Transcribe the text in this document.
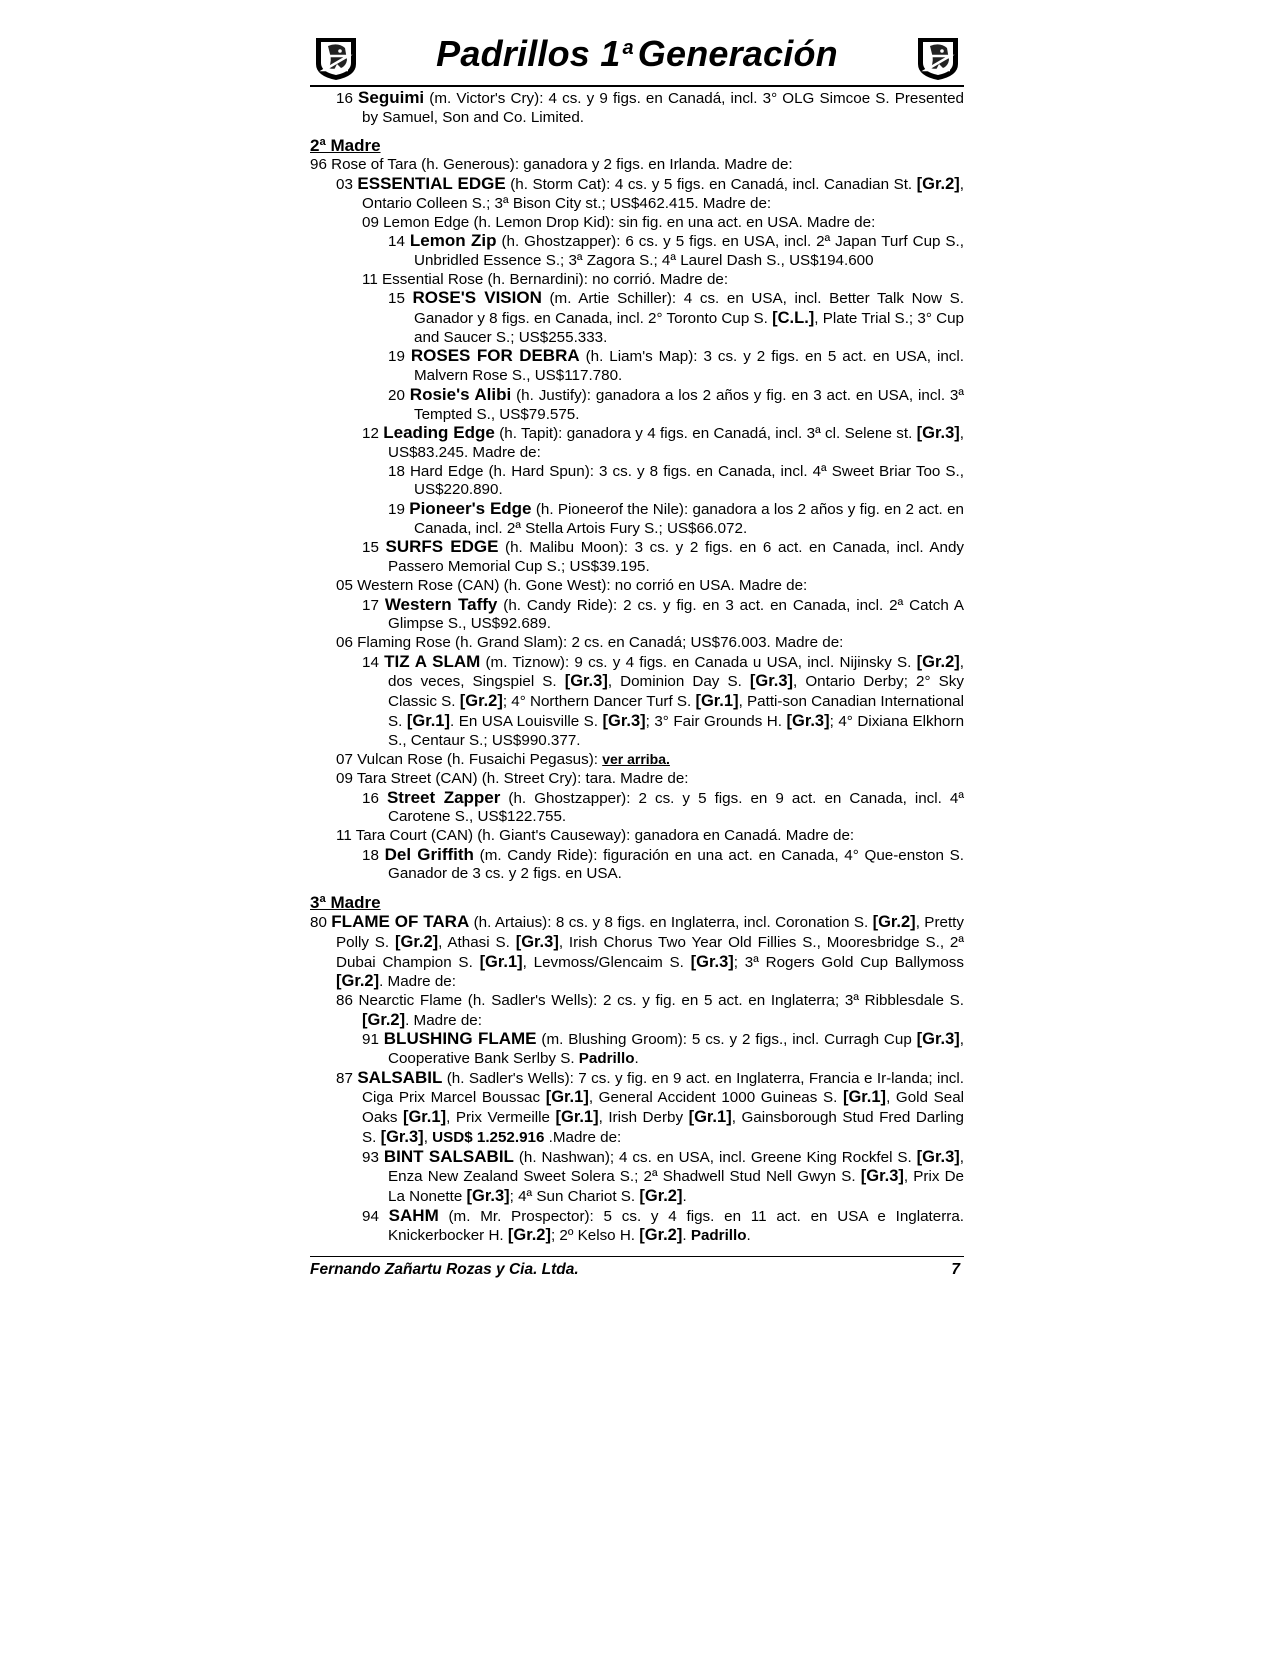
Padrillos 1 $^a$ Generación

16 Seguimi (m. Victor's Cry): 4 cs. y 9 figs. en Canadá, incl. 3° OLG Simcoe S. Presented by Samuel, Son and Co. Limited.

2ª Madre

96 Rose of Tara (h. Generous): ganadora y 2 figs. en Irlanda. Madre de:

03 ESSENTIAL EDGE (h. Storm Cat): 4 cs. y 5 figs. en Canadá, incl. Canadian St. [Gr.2], Ontario Colleen S.; 3ª Bison City st.; US$462.415. Madre de:

09 Lemon Edge (h. Lemon Drop Kid): sin fig. en una act. en USA. Madre de:

14 Lemon Zip (h. Ghostzapper): 6 cs. y 5 figs. en USA, incl. 2ª Japan Turf Cup S., Unbridled Essence S.; 3ª Zagora S.; 4ª Laurel Dash S., US$194.600

11 Essential Rose (h. Bernardini): no corrió. Madre de:

15 ROSE'S VISION (m. Artie Schiller): 4 cs. en USA, incl. Better Talk Now S. Ganador y 8 figs. en Canada, incl. 2° Toronto Cup S. [C.L.], Plate Trial S.; 3° Cup and Saucer S.; US$255.333.

19 ROSES FOR DEBRA (h. Liam's Map): 3 cs. y 2 figs. en 5 act. en USA, incl. Malvern Rose S., US$117.780.

20 Rosie's Alibi (h. Justify): ganadora a los 2 años y fig. en 3 act. en USA, incl. 3ª Tempted S., US$79.575.

12 Leading Edge (h. Tapit): ganadora y 4 figs. en Canadá, incl. 3ª cl. Selene st. [Gr.3], US$83.245. Madre de:

18 Hard Edge (h. Hard Spun): 3 cs. y 8 figs. en Canada, incl. 4ª Sweet Briar Too S., US$220.890.

19 Pioneer's Edge (h. Pioneerof the Nile): ganadora a los 2 años y fig. en 2 act. en Canada, incl. 2ª Stella Artois Fury S.; US$66.072.

15 SURFS EDGE (h. Malibu Moon): 3 cs. y 2 figs. en 6 act. en Canada, incl. Andy Passero Memorial Cup S.; US$39.195.

05 Western Rose (CAN) (h. Gone West): no corrió en USA. Madre de:

17 Western Taffy (h. Candy Ride): 2 cs. y fig. en 3 act. en Canada, incl. 2ª Catch A Glimpse S., US$92.689.

06 Flaming Rose (h. Grand Slam): 2 cs. en Canadá; US$76.003. Madre de:

14 TIZ A SLAM (m. Tiznow): 9 cs. y 4 figs. en Canada u USA, incl. Nijinsky S. [Gr.2], dos veces, Singspiel S. [Gr.3], Dominion Day S. [Gr.3], Ontario Derby; 2° Sky Classic S. [Gr.2]; 4° Northern Dancer Turf S. [Gr.1], Patti-son Canadian International S. [Gr.1]. En USA Louisville S. [Gr.3]; 3° Fair Grounds H. [Gr.3]; 4° Dixiana Elkhorn S., Centaur S.; US$990.377.

07 Vulcan Rose (h. Fusaichi Pegasus): ver arriba.

09 Tara Street (CAN) (h. Street Cry): tara. Madre de:

16 Street Zapper (h. Ghostzapper): 2 cs. y 5 figs. en 9 act. en Canada, incl. 4ª Carotene S., US$122.755.

11 Tara Court (CAN) (h. Giant's Causeway): ganadora en Canadá. Madre de:

18 Del Griffith (m. Candy Ride): figuración en una act. en Canada, 4° Que-enston S. Ganador de 3 cs. y 2 figs. en USA.

3ª Madre

80 FLAME OF TARA (h. Artaius): 8 cs. y 8 figs. en Inglaterra, incl. Coronation S. [Gr.2], Pretty Polly S. [Gr.2], Athasi S. [Gr.3], Irish Chorus Two Year Old Fillies S., Mooresbridge S., 2ª Dubai Champion S. [Gr.1], Levmoss/Glencaim S. [Gr.3]; 3ª Rogers Gold Cup Ballymoss [Gr.2]. Madre de:

86 Nearctic Flame (h. Sadler's Wells): 2 cs. y fig. en 5 act. en Inglaterra; 3ª Ribblesdale S. [Gr.2]. Madre de:

91 BLUSHING FLAME (m. Blushing Groom): 5 cs. y 2 figs., incl. Curragh Cup [Gr.3], Cooperative Bank Serlby S. Padrillo.

87 SALSABIL (h. Sadler's Wells): 7 cs. y fig. en 9 act. en Inglaterra, Francia e Ir-landa; incl. Ciga Prix Marcel Boussac [Gr.1], General Accident 1000 Guineas S. [Gr.1], Gold Seal Oaks [Gr.1], Prix Vermeille [Gr.1], Irish Derby [Gr.1], Gainsborough Stud Fred Darling S. [Gr.3], USD$ 1.252.916 .Madre de:

93 BINT SALSABIL (h. Nashwan); 4 cs. en USA, incl. Greene King Rockfel S. [Gr.3], Enza New Zealand Sweet Solera S.; 2ª Shadwell Stud Nell Gwyn S. [Gr.3], Prix De La Nonette [Gr.3]; 4ª Sun Chariot S. [Gr.2].

94 SAHM (m. Mr. Prospector): 5 cs. y 4 figs. en 11 act. en USA e Inglaterra. Knickerbocker H. [Gr.2]; 2º Kelso H. [Gr.2]. Padrillo.

Fernando Zañartu Rozas y Cia. Ltda.	7
